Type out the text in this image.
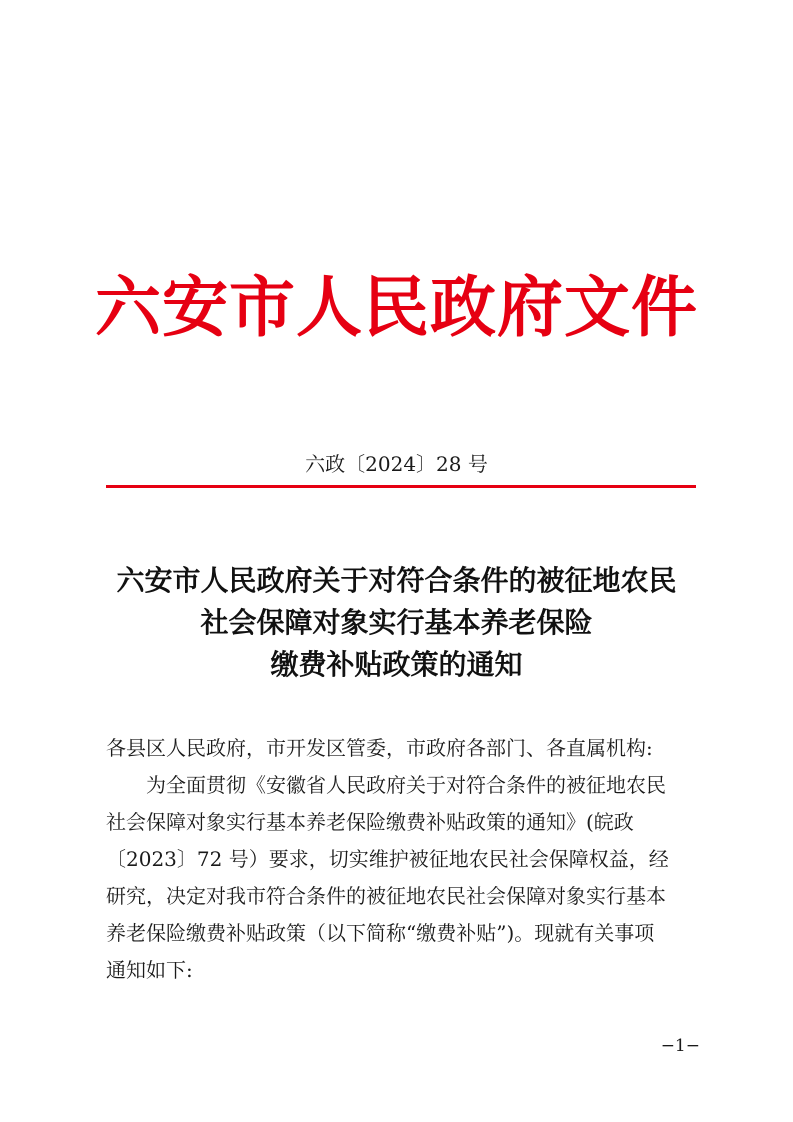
六安市人民政府文件
六政〔2024〕28 号
六安市人民政府关于对符合条件的被征地农民
社会保障对象实行基本养老保险
缴费补贴政策的通知

各县区人民政府，市开发区管委，市政府各部门、各直属机构:

为全面贯彻《安徽省人民政府关于对符合条件的被征地农民

社会保障对象实行基本养老保险缴费补贴政策的通知》(皖政

〔2023〕72 号）要求，切实维护被征地农民社会保障权益，经

研究，决定对我市符合条件的被征地农民社会保障对象实行基本

养老保险缴费补贴政策（以下简称“缴费补贴”)。现就有关事项

通知如下:

−1−
